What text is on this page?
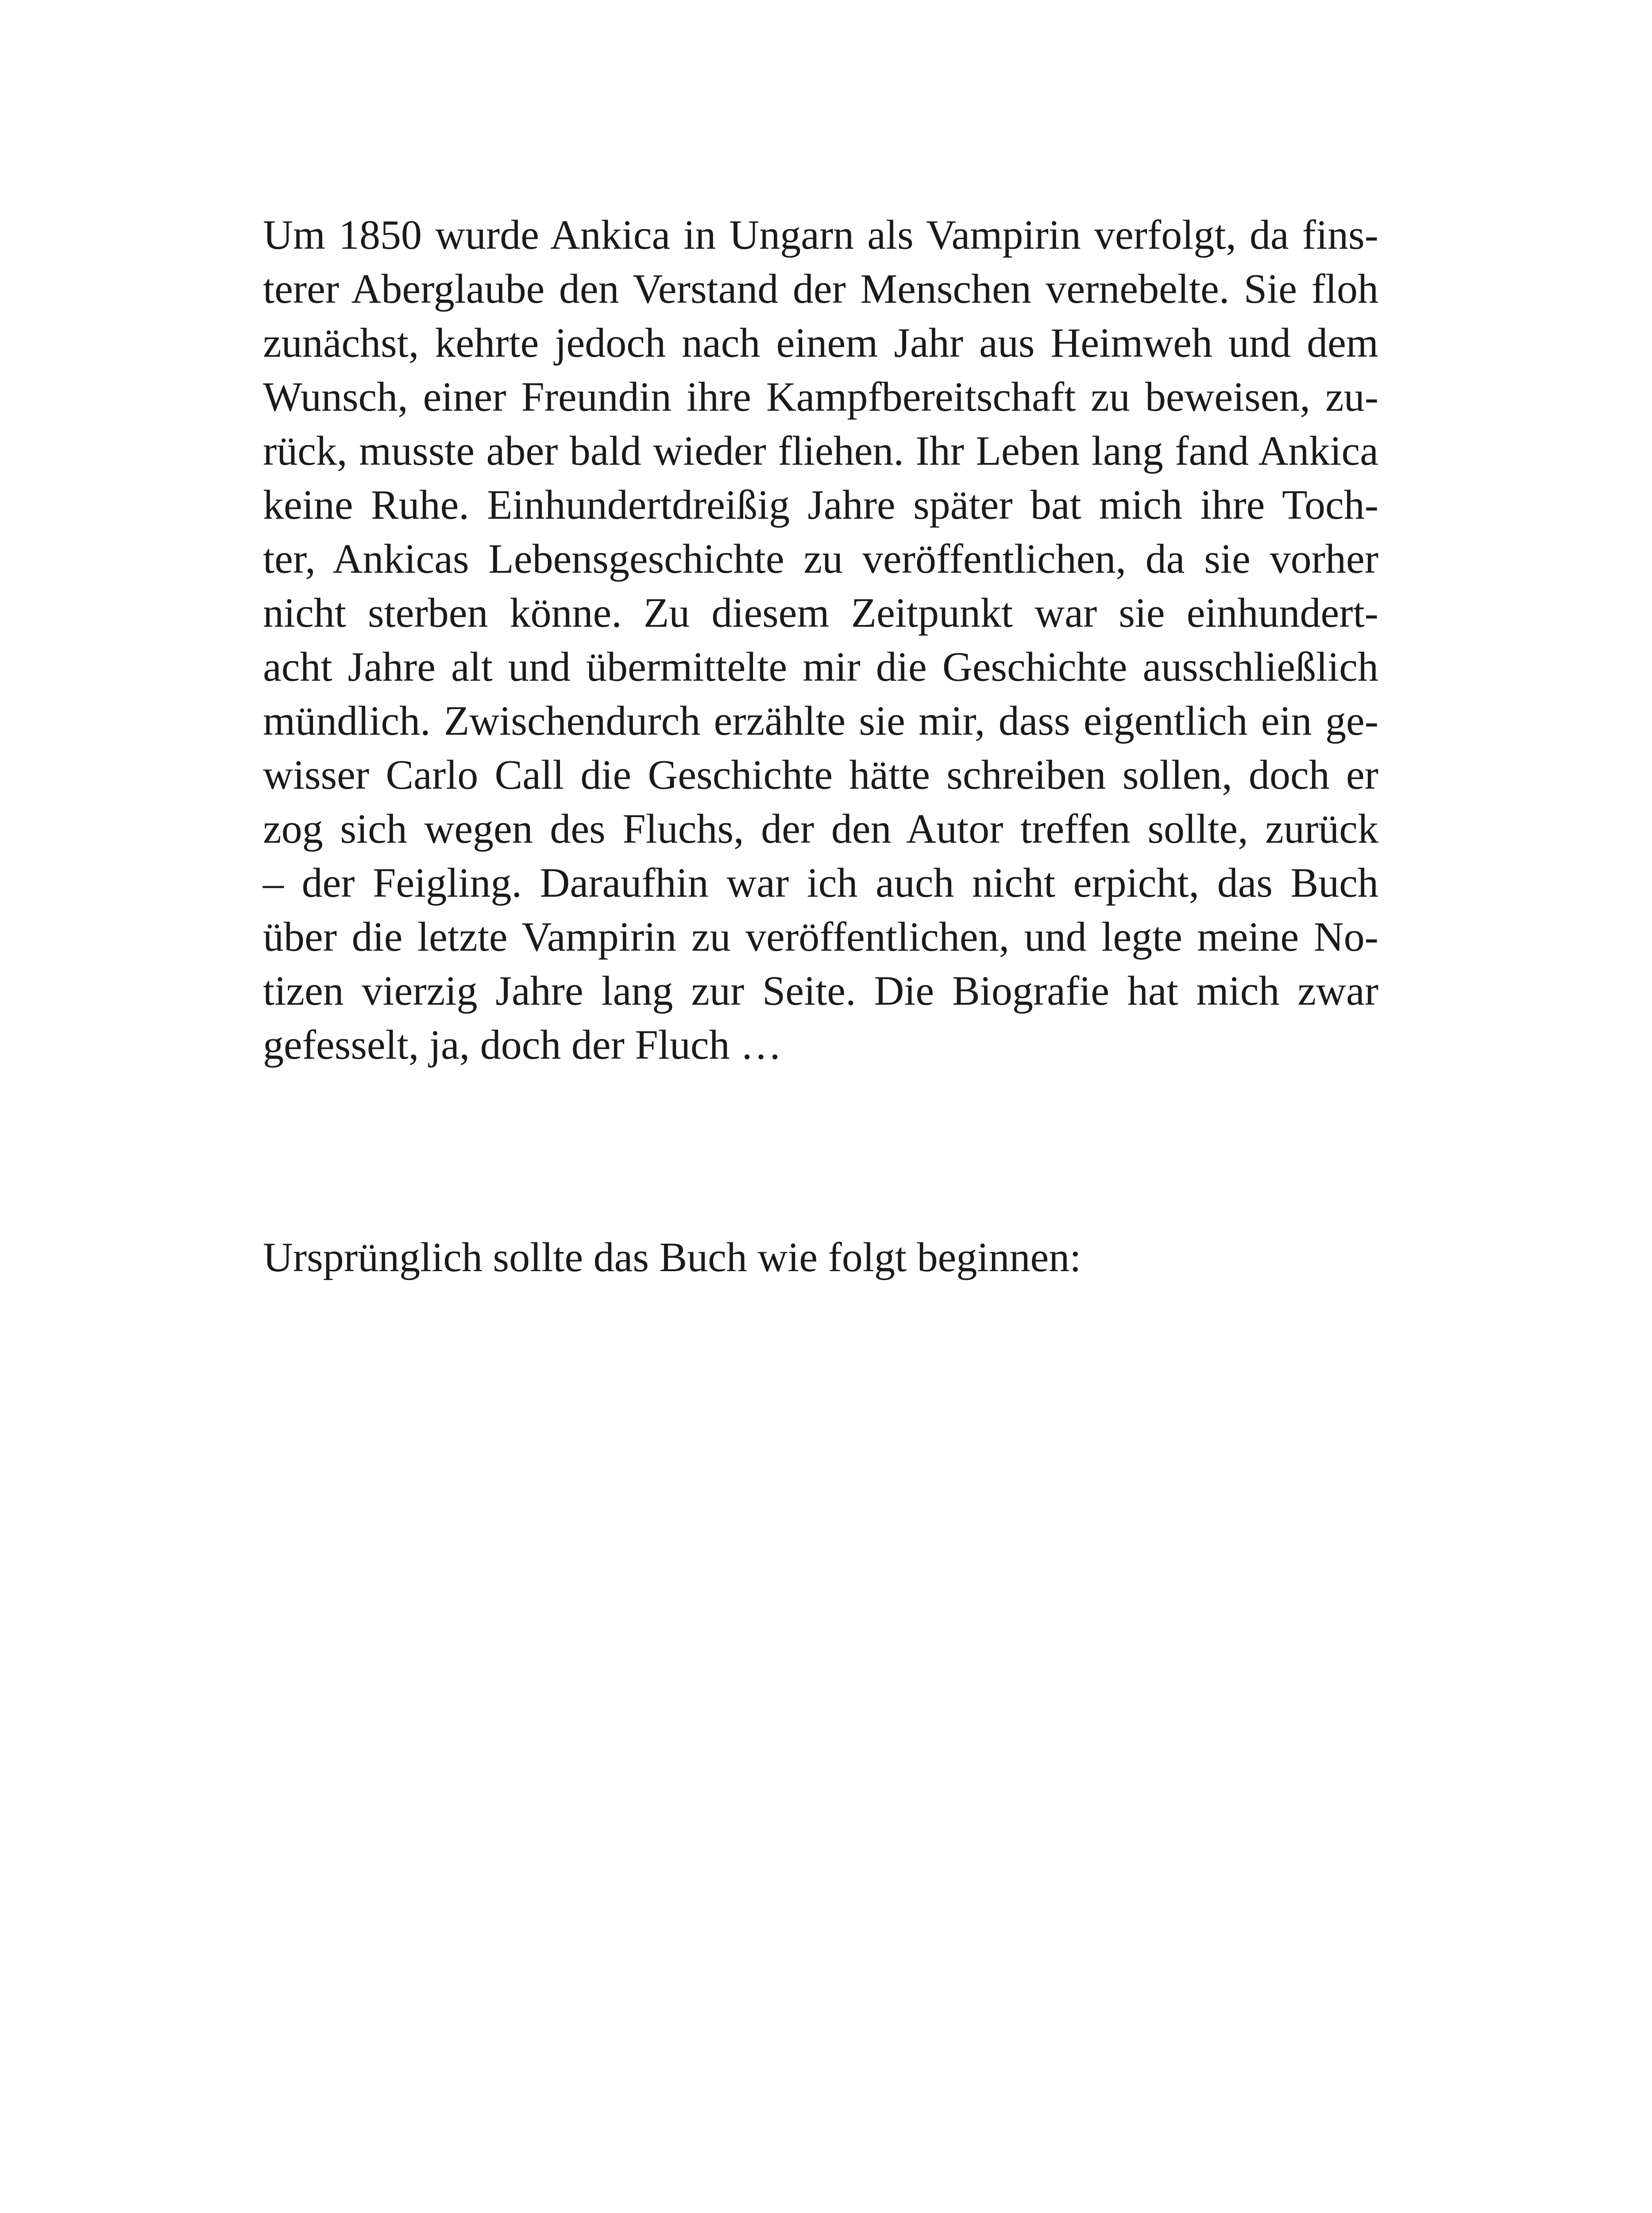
Um 1850 wurde Ankica in Ungarn als Vampirin verfolgt, da fins-
terer Aberglaube den Verstand der Menschen vernebelte. Sie floh
zunächst, kehrte jedoch nach einem Jahr aus Heimweh und dem
Wunsch, einer Freundin ihre Kampfbereitschaft zu beweisen, zu-
rück, musste aber bald wieder fliehen. Ihr Leben lang fand Ankica
keine Ruhe. Einhundertdreißig Jahre später bat mich ihre Toch-
ter, Ankicas Lebensgeschichte zu veröffentlichen, da sie vorher
nicht sterben könne. Zu diesem Zeitpunkt war sie einhundert-
acht Jahre alt und übermittelte mir die Geschichte ausschließlich
mündlich. Zwischendurch erzählte sie mir, dass eigentlich ein ge-
wisser Carlo Call die Geschichte hätte schreiben sollen, doch er
zog sich wegen des Fluchs, der den Autor treffen sollte, zurück
– der Feigling. Daraufhin war ich auch nicht erpicht, das Buch
über die letzte Vampirin zu veröffentlichen, und legte meine No-
tizen vierzig Jahre lang zur Seite. Die Biografie hat mich zwar
gefesselt, ja, doch der Fluch …
Ursprünglich sollte das Buch wie folgt beginnen:
